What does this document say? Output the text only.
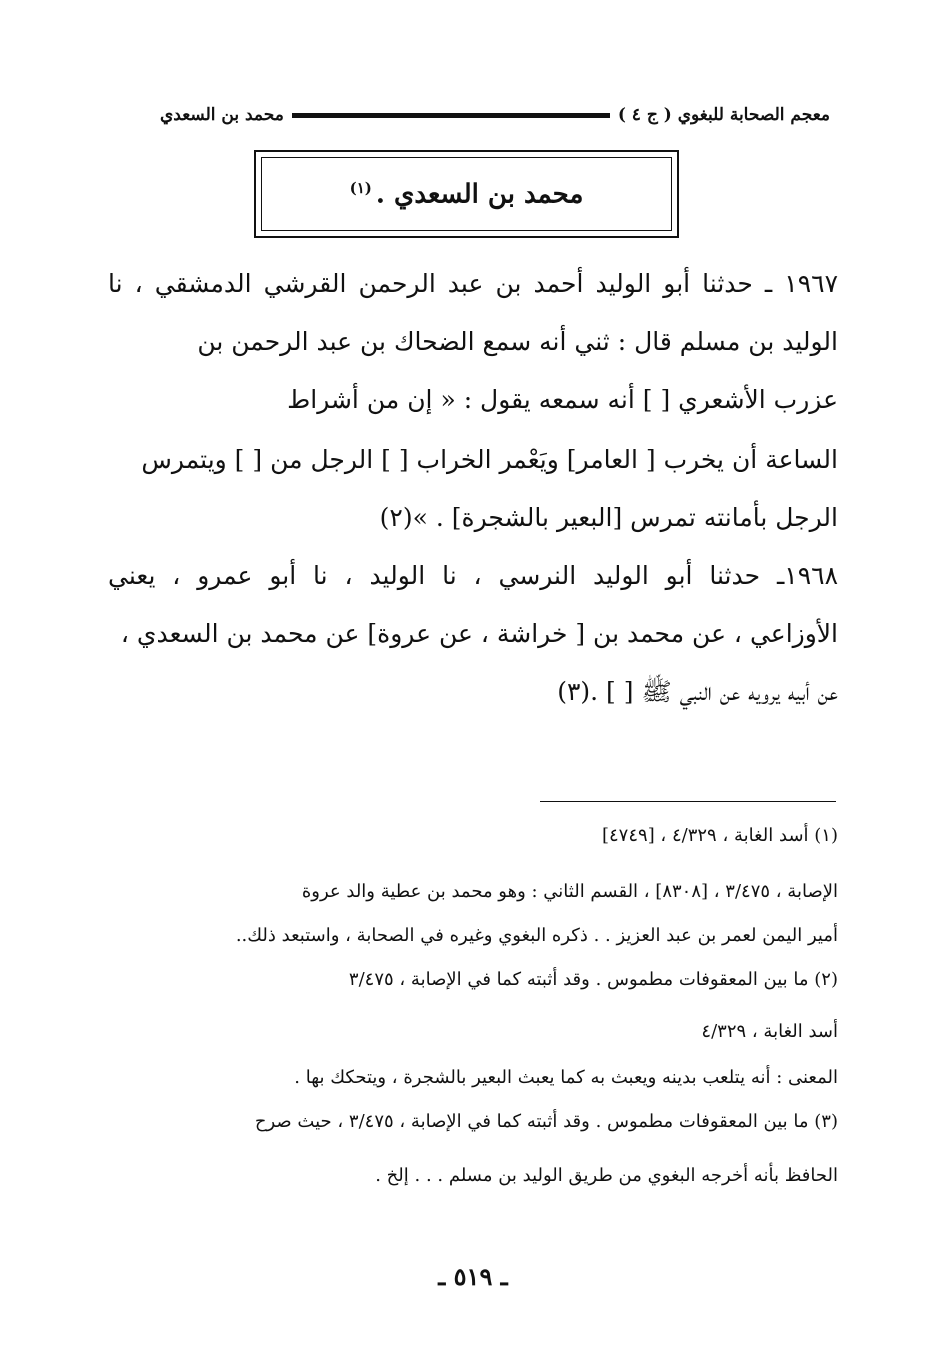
معجم الصحابة للبغوي ( ج ٤ )
محمد بن السعدي
محمد بن السعدي .$^{(١)}$
١٩٦٧ ـ حدثنا أبو الوليد أحمد بن عبد الرحمن القرشي الدمشقي ، نا
الوليد بن مسلم قال : ثني أنه سمع الضحاك بن عبد الرحمن بن
عزرب الأشعري [ ] أنه سمعه يقول : « إن من أشراط
الساعة أن يخرب [ العامر] ويَعْمر الخراب [ ] الرجل من [ ] ويتمرس
الرجل بأمانته تمرس [البعير بالشجرة] . »(٢)
١٩٦٨ـ حدثنا أبو الوليد النرسي ، نا الوليد ، نا أبو عمرو ، يعني
الأوزاعي ، عن محمد بن [ خراشة ، عن عروة] عن محمد بن السعدي ،
عن أبيه يرويه عن النبي ﷺ [ ] .(٣)
(١) أسد الغابة ، ٤/٣٢٩ ، [٤٧٤٩]
الإصابة ، ٣/٤٧٥ ، [٨٣٠٨] ، القسم الثاني : وهو محمد بن عطية والد عروة
أمير اليمن لعمر بن عبد العزيز . . ذكره البغوي وغيره في الصحابة ، واستبعد ذلك..
(٢) ما بين المعقوفات مطموس . وقد أثبته كما في الإصابة ، ٣/٤٧٥
أسد الغابة ، ٤/٣٢٩
المعنى : أنه يتلعب بدينه ويعبث به كما يعبث البعير بالشجرة ، ويتحكك بها .
(٣) ما بين المعقوفات مطموس . وقد أثبته كما في الإصابة ، ٣/٤٧٥ ، حيث صرح
الحافظ بأنه أخرجه البغوي من طريق الوليد بن مسلم . . . إلخ .
ـ ٥١٩ ـ
